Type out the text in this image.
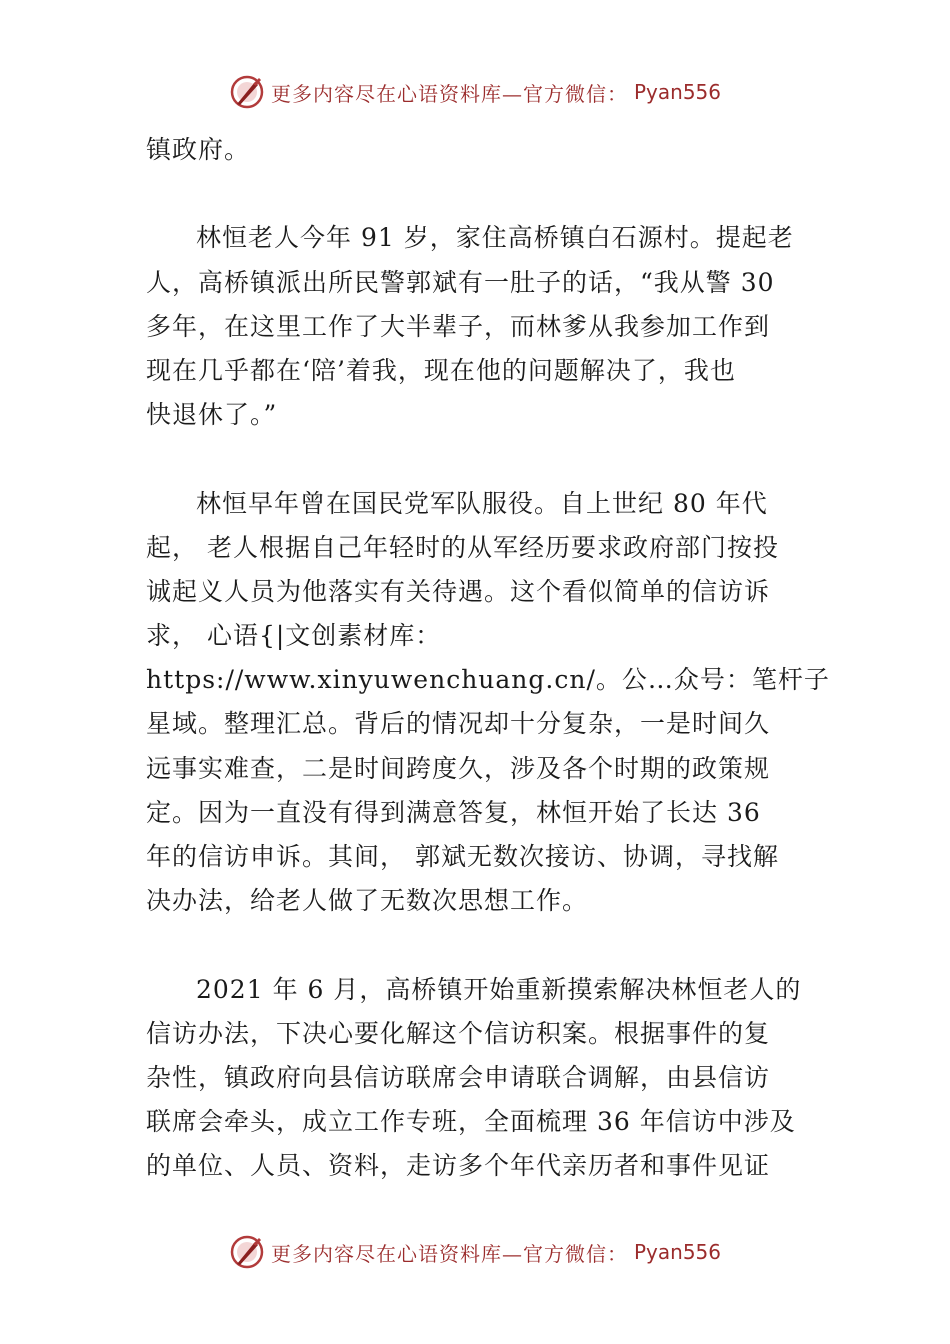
更多内容尽在心语资料库—官方微信： Pyan556
镇政府。
林恒老人今年 91 岁，家住高桥镇白石源村。提起老
人，高桥镇派出所民警郭斌有一肚子的话，“我从警 30
多年，在这里工作了大半辈子，而林爹从我参加工作到
现在几乎都在‘陪’着我，现在他的问题解决了，我也
快退休了。”
林恒早年曾在国民党军队服役。自上世纪 80 年代
起， 老人根据自己年轻时的从军经历要求政府部门按投
诚起义人员为他落实有关待遇。这个看似简单的信访诉
求， 心语{|文创素材库：
https://www.xinyuwenchuang.cn/。公…众号：笔杆子
星域。整理汇总。背后的情况却十分复杂，一是时间久
远事实难查，二是时间跨度久，涉及各个时期的政策规
定。因为一直没有得到满意答复，林恒开始了长达 36
年的信访申诉。其间， 郭斌无数次接访、协调，寻找解
决办法，给老人做了无数次思想工作。
2021 年 6 月，高桥镇开始重新摸索解决林恒老人的
信访办法，下决心要化解这个信访积案。根据事件的复
杂性，镇政府向县信访联席会申请联合调解，由县信访
联席会牵头，成立工作专班，全面梳理 36 年信访中涉及
的单位、人员、资料，走访多个年代亲历者和事件见证
更多内容尽在心语资料库—官方微信： Pyan556
